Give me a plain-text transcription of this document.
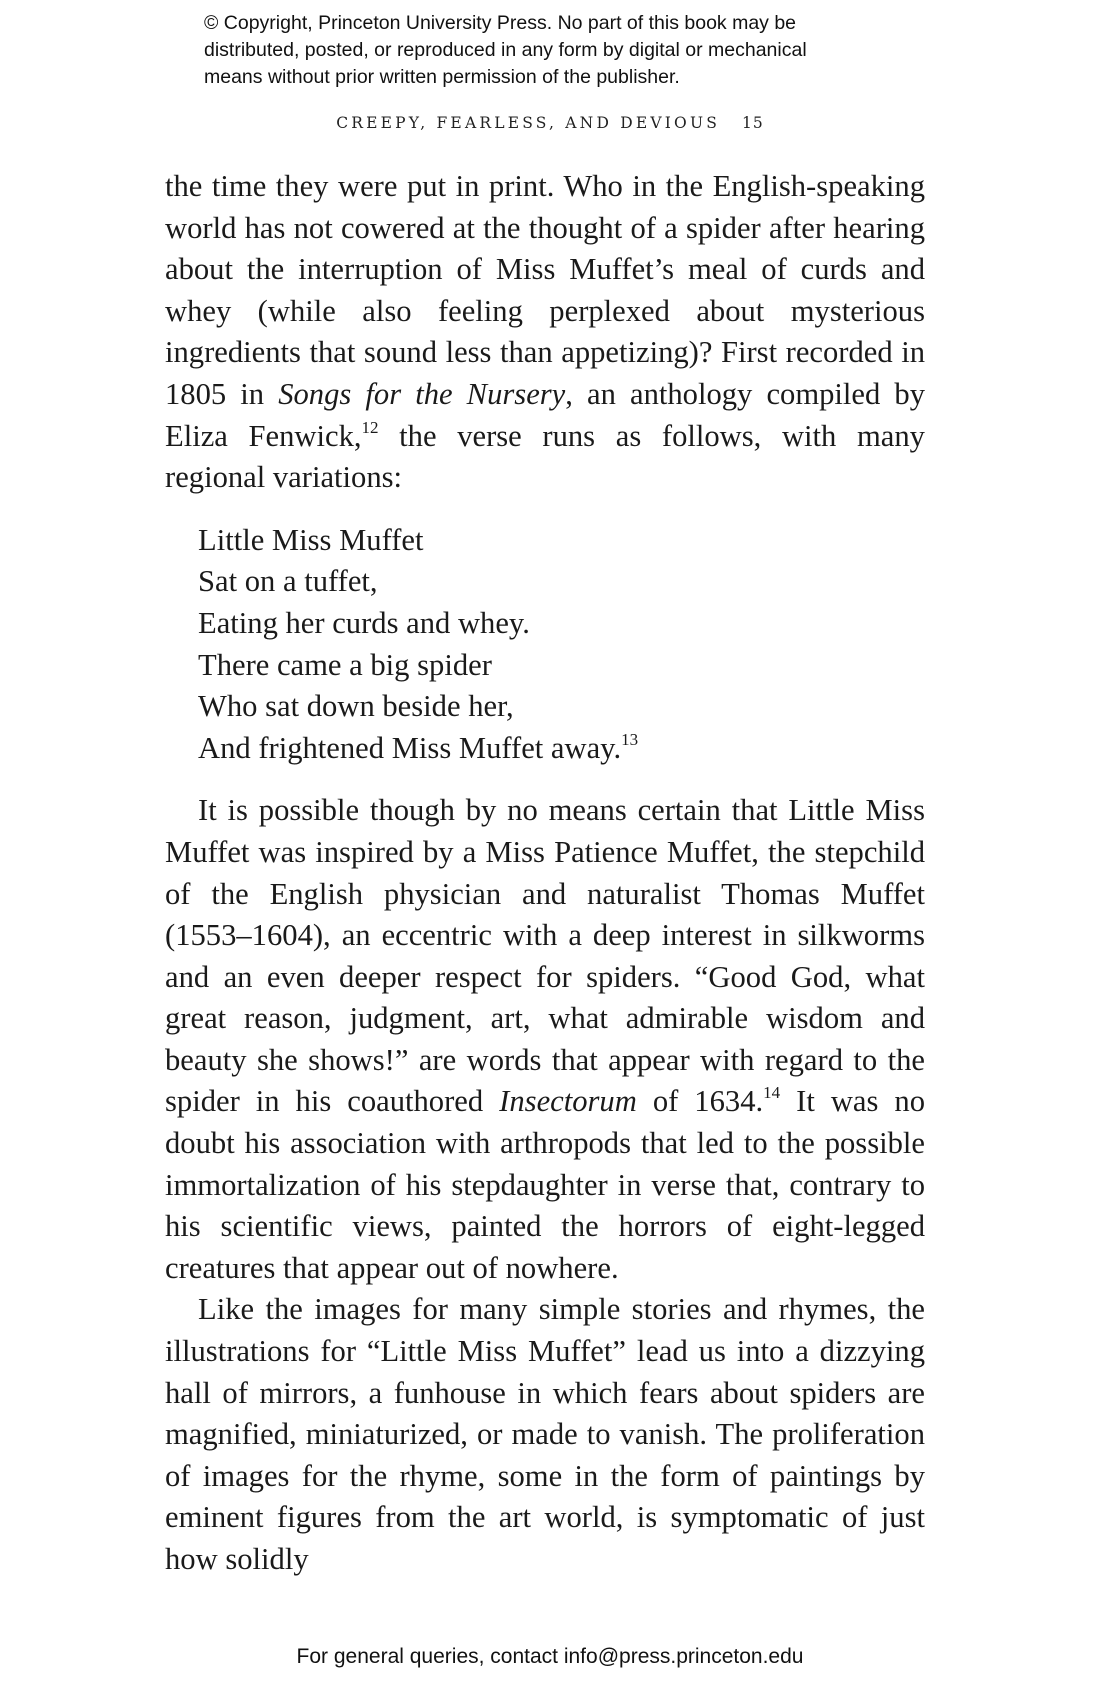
© Copyright, Princeton University Press. No part of this book may be
distributed, posted, or reproduced in any form by digital or mechanical
means without prior written permission of the publisher.
CREEPY, FEARLESS, AND DEVIOUS 15

the time they were put in print. Who in the English-speaking world has not cowered at the thought of a spider after hearing about the interruption of Miss Muffet’s meal of curds and whey (while also feeling perplexed about mysterious ingredients that sound less than appetizing)? First recorded in 1805 in Songs for the Nursery, an anthology compiled by Eliza Fenwick,$^{12}$ the verse runs as follows, with many regional variations:

Little Miss Muffet
Sat on a tuffet,
Eating her curds and whey.
There came a big spider
Who sat down beside her,
And frightened Miss Muffet away.$^{13}$

It is possible though by no means certain that Little Miss Muffet was inspired by a Miss Patience Muffet, the stepchild of the English physician and naturalist Thomas Muffet (1553–1604), an eccentric with a deep interest in silkworms and an even deeper respect for spiders. “Good God, what great reason, judgment, art, what admirable wisdom and beauty she shows!” are words that appear with regard to the spider in his coauthored Insectorum of 1634.14 It was no doubt his association with arthropods that led to the possible immortalization of his stepdaughter in verse that, contrary to his scientific views, painted the horrors of eight-legged creatures that appear out of nowhere.

Like the images for many simple stories and rhymes, the illustrations for “Little Miss Muffet” lead us into a dizzying hall of mirrors, a funhouse in which fears about spiders are magnified, miniaturized, or made to vanish. The proliferation of images for the rhyme, some in the form of paintings by eminent figures from the art world, is symptomatic of just how solidly

For general queries, contact info@press.princeton.edu
